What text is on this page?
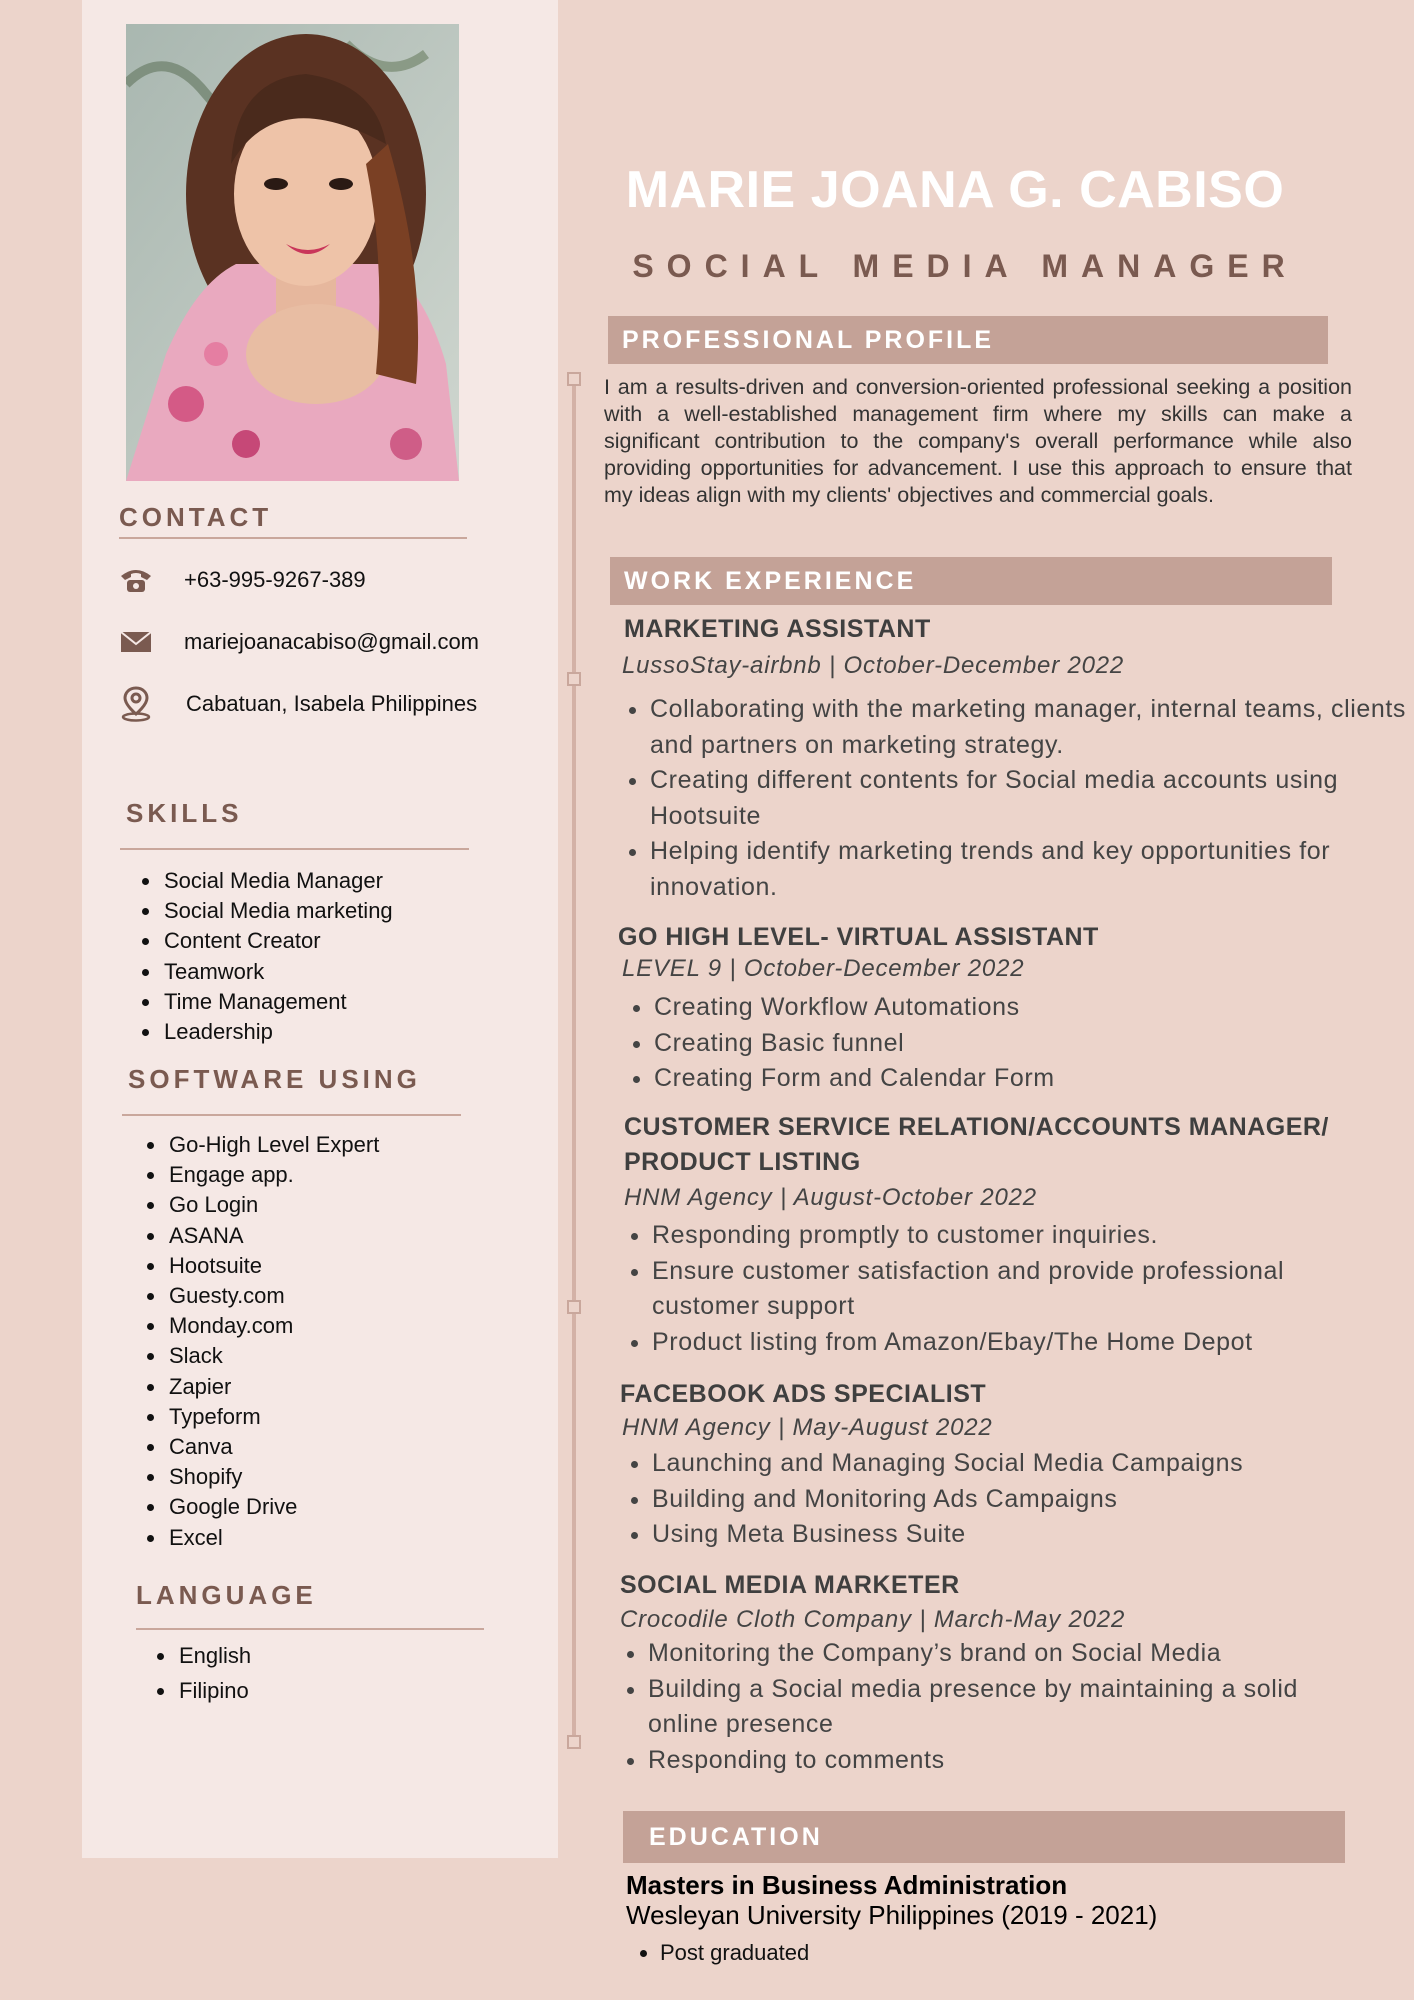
CONTACT
+63-995-9267-389
mariejoanacabiso@gmail.com
Cabatuan, Isabela Philippines
SKILLS
• Social Media Manager
• Social Media marketing
• Content Creator
• Teamwork
• Time Management
• Leadership
SOFTWARE USING
• Go-High Level Expert
• Engage app.
• Go Login
• ASANA
• Hootsuite
• Guesty.com
• Monday.com
• Slack
• Zapier
• Typeform
• Canva
• Shopify
• Google Drive
• Excel
LANGUAGE
• English
• Filipino
MARIE JOANA G. CABISO
SOCIAL MEDIA MANAGER
PROFESSIONAL PROFILE
I am a results-driven and conversion-oriented professional seeking a position with a well-established management firm where my skills can make a significant contribution to the company's overall performance while also providing opportunities for advancement. I use this approach to ensure that my ideas align with my clients' objectives and commercial goals.
WORK EXPERIENCE
MARKETING ASSISTANT
LussoStay-airbnb | October-December 2022
• Collaborating with the marketing manager, internal teams, clients and partners on marketing strategy.
• Creating different contents for Social media accounts using Hootsuite
• Helping identify marketing trends and key opportunities for innovation.
GO HIGH LEVEL- VIRTUAL ASSISTANT
LEVEL 9 | October-December 2022
• Creating Workflow Automations
• Creating Basic funnel
• Creating Form and Calendar Form
CUSTOMER SERVICE RELATION/ACCOUNTS MANAGER/ PRODUCT LISTING
HNM Agency | August-October 2022
• Responding promptly to customer inquiries.
• Ensure customer satisfaction and provide professional customer support
• Product listing from Amazon/Ebay/The Home Depot
FACEBOOK ADS SPECIALIST
HNM Agency | May-August 2022
• Launching and Managing Social Media Campaigns
• Building and Monitoring Ads Campaigns
• Using Meta Business Suite
SOCIAL MEDIA MARKETER
Crocodile Cloth Company | March-May 2022
• Monitoring the Company’s brand on Social Media
• Building a Social media presence by maintaining a solid online presence
• Responding to comments
EDUCATION
Masters in Business Administration
Wesleyan University Philippines (2019 - 2021)
• Post graduated
